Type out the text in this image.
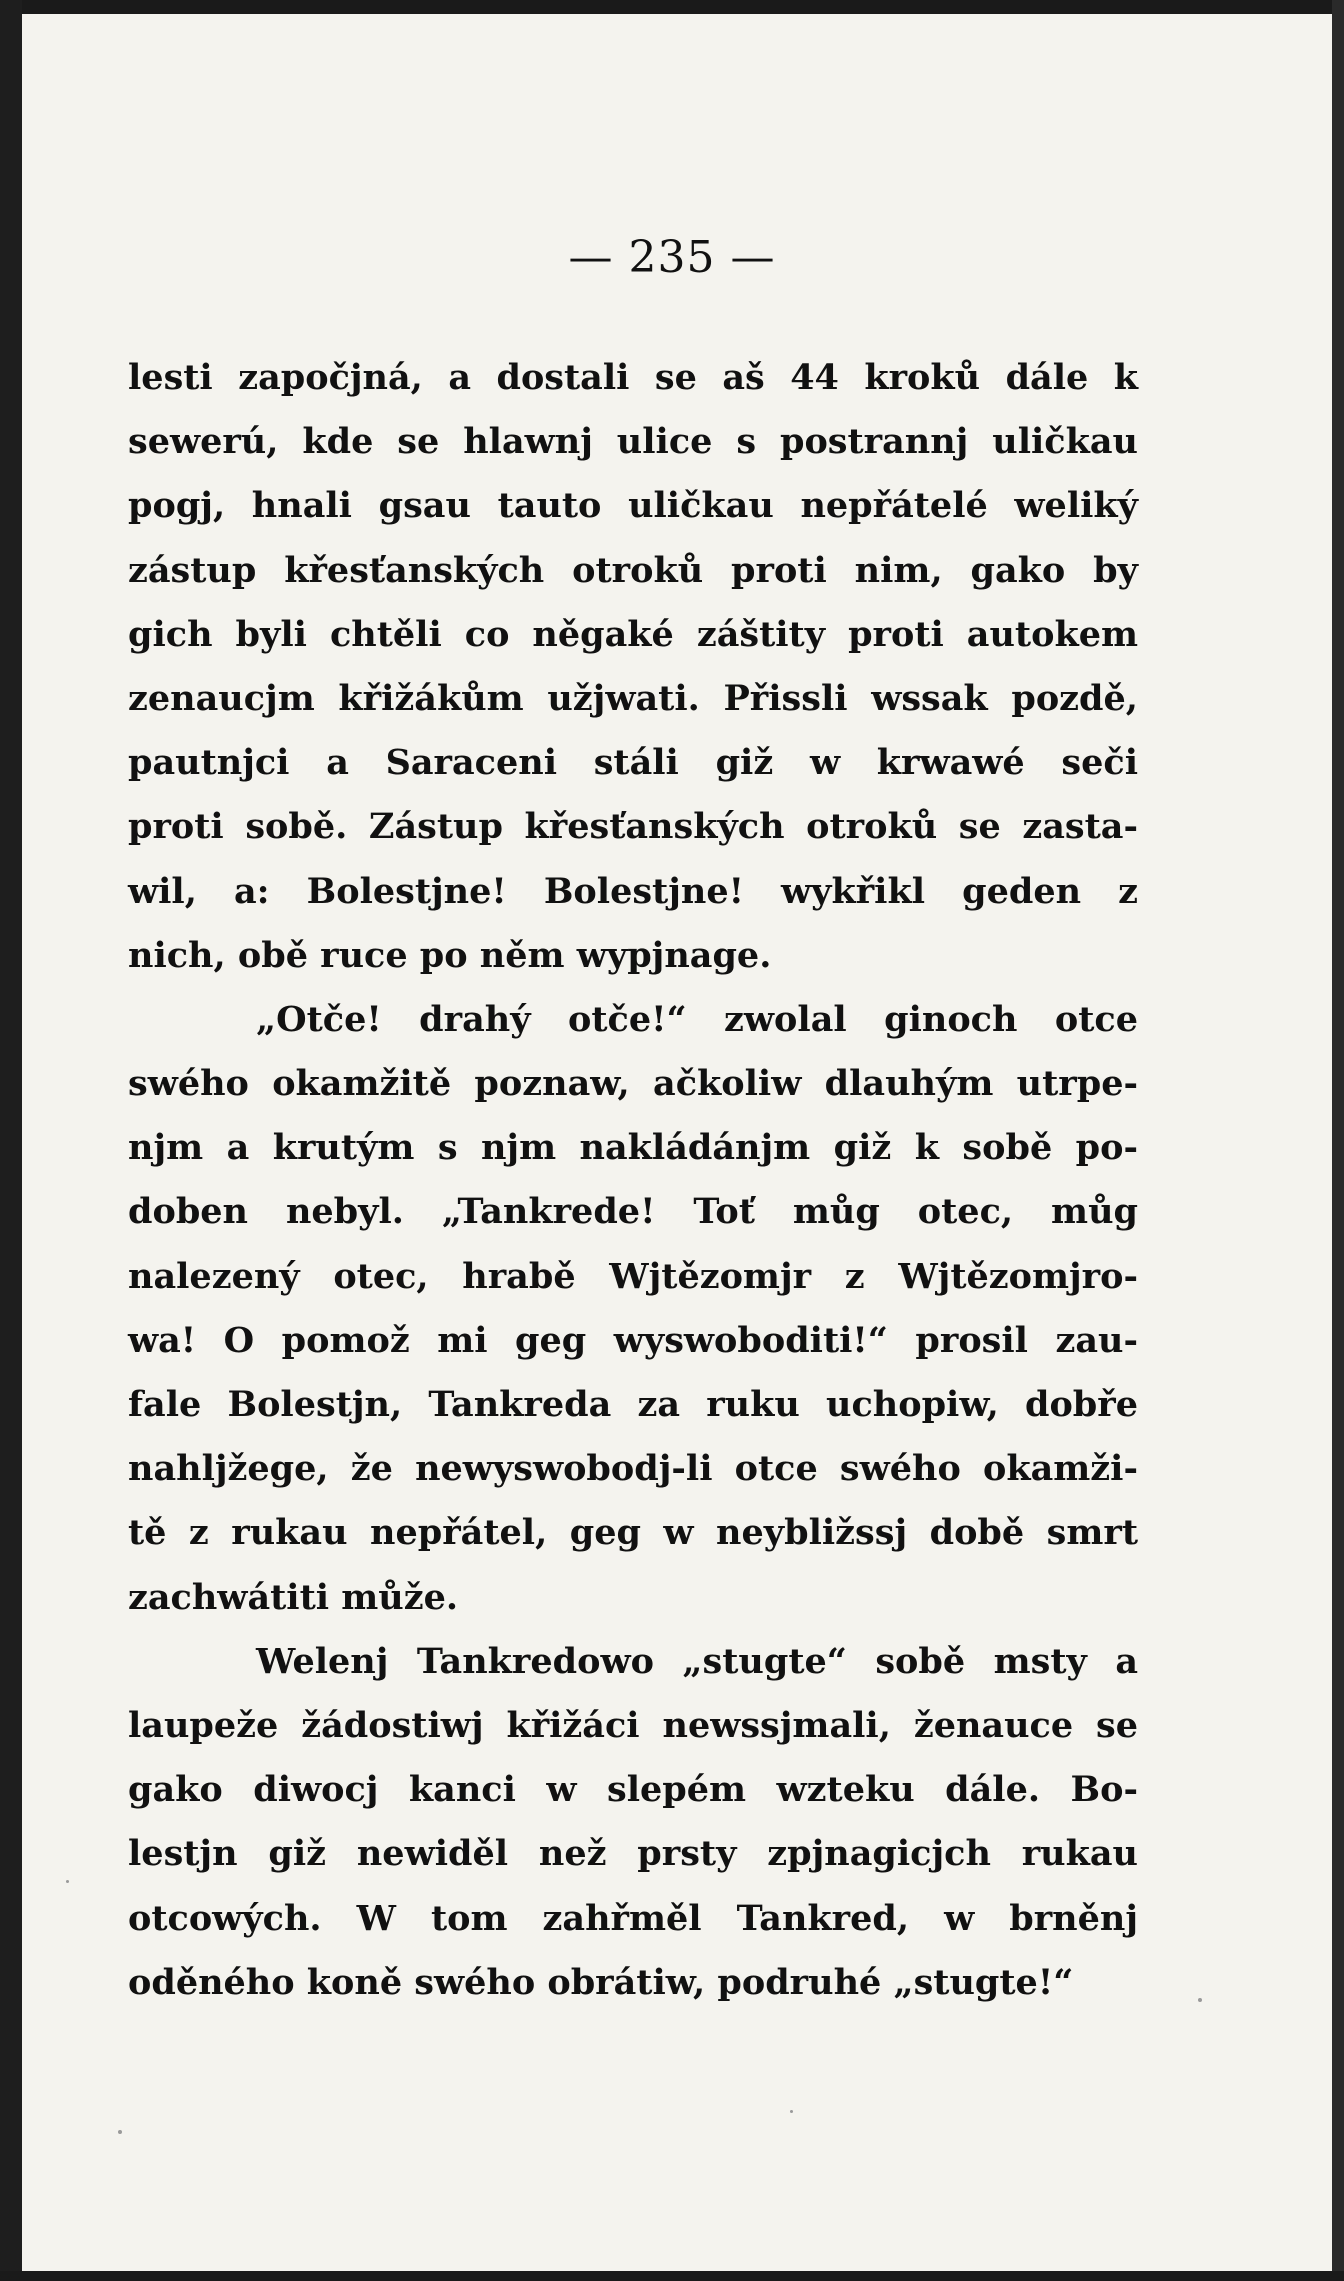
— 235 —
lesti započjná, a dostali se aš 44 kroků dále k
sewerú, kde se hlawnj ulice s postrannj uličkau
pogj, hnali gsau tauto uličkau nepřátelé weliký
zástup křesťanských otroků proti nim, gako by
gich byli chtěli co něgaké záštity proti autokem
zenaucjm křižákům užjwati. Přissli wssak pozdě,
pautnjci a Saraceni stáli giž w krwawé seči
proti sobě. Zástup křesťanských otroků se zasta-
wil, a: Bolestjne! Bolestjne! wykřikl geden z
nich, obě ruce po něm wypjnage.
„Otče! drahý otče!“ zwolal ginoch otce
swého okamžitě poznaw, ačkoliw dlauhým utrpe-
njm a krutým s njm nakládánjm giž k sobě po-
doben nebyl. „Tankrede! Toť můg otec, můg
nalezený otec, hrabě Wjtězomjr z Wjtězomjro-
wa! O pomož mi geg wyswoboditi!“ prosil zau-
fale Bolestjn, Tankreda za ruku uchopiw, dobře
nahljžege, že newyswobodj-li otce swého okamži-
tě z rukau nepřátel, geg w neybližssj době smrt
zachwátiti může.
Welenj Tankredowo „stugte“ sobě msty a
laupeže žádostiwj křižáci newssjmali, ženauce se
gako diwocj kanci w slepém wzteku dále. Bo-
lestjn giž newiděl než prsty zpjnagicjch rukau
otcowých. W tom zahřměl Tankred, w brněnj
oděného koně swého obrátiw, podruhé „stugte!“
